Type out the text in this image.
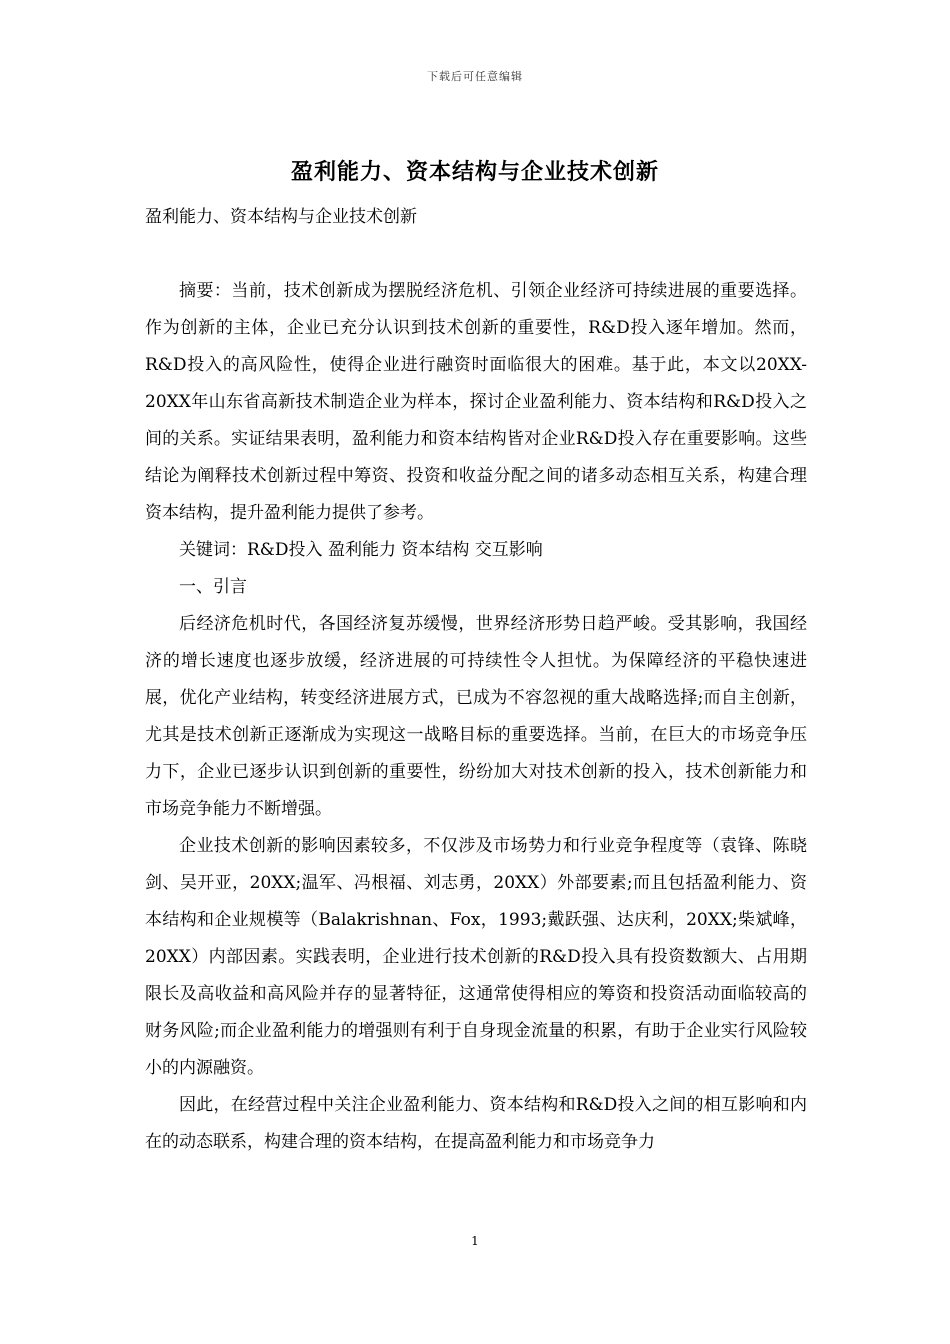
下载后可任意编辑
盈利能力、资本结构与企业技术创新
盈利能力、资本结构与企业技术创新

摘要：当前，技术创新成为摆脱经济危机、引领企业经济可持续进展的重要选择。作为创新的主体，企业已充分认识到技术创新的重要性，R&D投入逐年增加。然而，R&D投入的高风险性，使得企业进行融资时面临很大的困难。基于此，本文以20XX-20XX年山东省高新技术制造企业为样本，探讨企业盈利能力、资本结构和R&D投入之间的关系。实证结果表明，盈利能力和资本结构皆对企业R&D投入存在重要影响。这些结论为阐释技术创新过程中筹资、投资和收益分配之间的诸多动态相互关系，构建合理资本结构，提升盈利能力提供了参考。

关键词：R&D投入 盈利能力 资本结构 交互影响

一、引言

后经济危机时代，各国经济复苏缓慢，世界经济形势日趋严峻。受其影响，我国经济的增长速度也逐步放缓，经济进展的可持续性令人担忧。为保障经济的平稳快速进展，优化产业结构，转变经济进展方式，已成为不容忽视的重大战略选择;而自主创新，尤其是技术创新正逐渐成为实现这一战略目标的重要选择。当前，在巨大的市场竞争压力下，企业已逐步认识到创新的重要性，纷纷加大对技术创新的投入，技术创新能力和市场竞争能力不断增强。

企业技术创新的影响因素较多，不仅涉及市场势力和行业竞争程度等（袁锋、陈晓剑、吴开亚，20XX;温军、冯根福、刘志勇，20XX）外部要素;而且包括盈利能力、资本结构和企业规模等（Balakrishnan、Fox，1993;戴跃强、达庆利，20XX;柴斌峰，20XX）内部因素。实践表明，企业进行技术创新的R&D投入具有投资数额大、占用期限长及高收益和高风险并存的显著特征，这通常使得相应的筹资和投资活动面临较高的财务风险;而企业盈利能力的增强则有利于自身现金流量的积累，有助于企业实行风险较小的内源融资。

因此，在经营过程中关注企业盈利能力、资本结构和R&D投入之间的相互影响和内在的动态联系，构建合理的资本结构，在提高盈利能力和市场竞争力

1
